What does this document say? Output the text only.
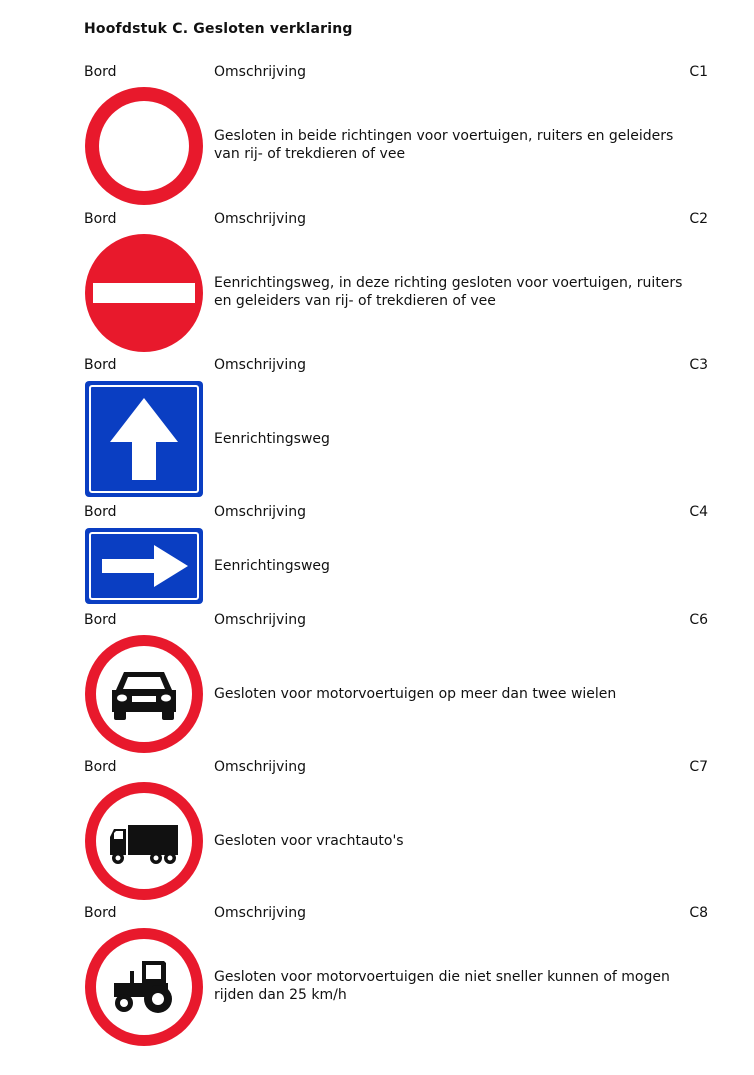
Hoofdstuk C. Gesloten verklaring
Bord	Omschrijving	C1
Gesloten in beide richtingen voor voertuigen, ruiters en geleiders van rij- of trekdieren of vee
Bord	Omschrijving	C2
Eenrichtingsweg, in deze richting gesloten voor voertuigen, ruiters en geleiders van rij- of trekdieren of vee
Bord	Omschrijving	C3
Eenrichtingsweg
Bord	Omschrijving	C4
Eenrichtingsweg
Bord	Omschrijving	C6
Gesloten voor motorvoertuigen op meer dan twee wielen
Bord	Omschrijving	C7
Gesloten voor vrachtauto's
Bord	Omschrijving	C8
Gesloten voor motorvoertuigen die niet sneller kunnen of mogen rijden dan 25 km/h
